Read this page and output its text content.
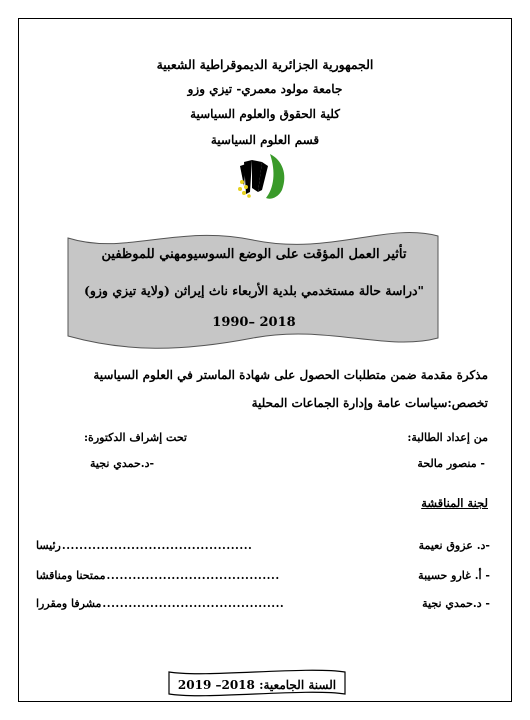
الجمهورية الجزائرية الديموقراطية الشعبية
جامعة مولود معمري- تيزي وزو
كلية الحقوق والعلوم السياسية
قسم العلوم السياسية
تأثير العمل المؤقت على الوضع السوسيومهني للموظفين
"دراسة حالة مستخدمي بلدية الأربعاء ناث إيراثن (ولاية تيزي وزو)
1990– 2018
مذكرة مقدمة ضمن متطلبات الحصول على شهادة الماستر في العلوم السياسية
تخصص:سياسات عامة وإدارة الجماعات المحلية
من إعداد الطالبة:
- منصور مالحة
تحت إشراف الدكتورة:
-د.حمدي نجية
لجنة المناقشة
-د. عزوق نعيمة
............................................
رئيسا
- أ. غارو حسيبة
........................................
ممتحنا ومناقشا
- د.حمدي نجية
..........................................
مشرفا ومقررا
السنة الجامعية: 2018– 2019
